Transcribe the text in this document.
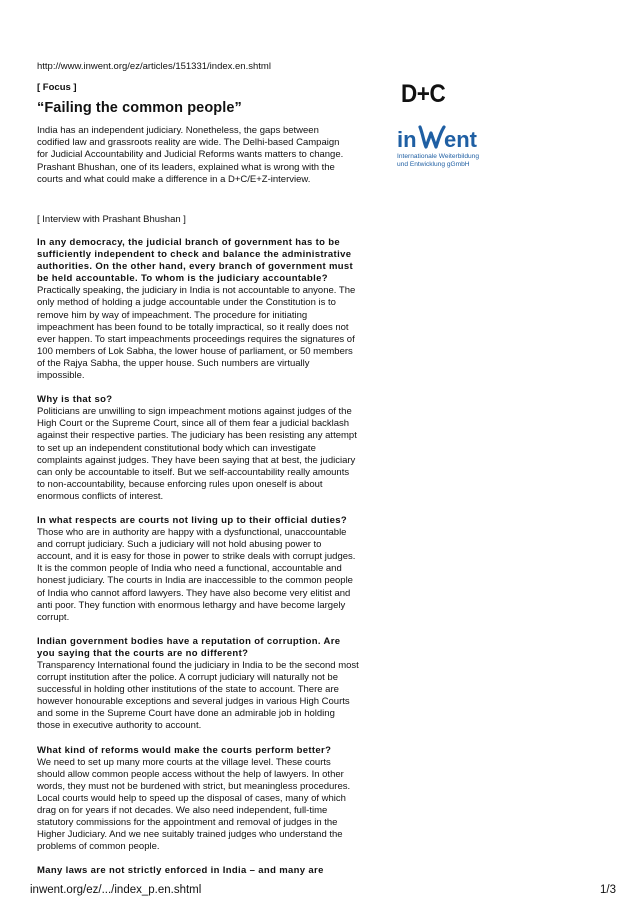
http://www.inwent.org/ez/articles/151331/index.en.shtml
[ Focus ]
“Failing the common people”
India has an independent judiciary. Nonetheless, the gaps between codified law and grassroots reality are wide. The Delhi-based Campaign for Judicial Accountability and Judicial Reforms wants matters to change. Prashant Bhushan, one of its leaders, explained what is wrong with the courts and what could make a difference in a D+C/E+Z-interview.
[ Interview with Prashant Bhushan ]
In any democracy, the judicial branch of government has to be sufficiently independent to check and balance the administrative authorities. On the other hand, every branch of government must be held accountable. To whom is the judiciary accountable?
Practically speaking, the judiciary in India is not accountable to anyone. The only method of holding a judge accountable under the Constitution is to remove him by way of impeachment. The procedure for initiating impeachment has been found to be totally impractical, so it really does not ever happen. To start impeachments proceedings requires the signatures of 100 members of Lok Sabha, the lower house of parliament, or 50 members of the Rajya Sabha, the upper house. Such numbers are virtually impossible.
Why is that so?
Politicians are unwilling to sign impeachment motions against judges of the High Court or the Supreme Court, since all of them fear a judicial backlash against their respective parties. The judiciary has been resisting any attempt to set up an independent constitutional body which can investigate complaints against judges. They have been saying that at best, the judiciary can only be accountable to itself. But we self-accountability really amounts to non-accountability, because enforcing rules upon oneself is about enormous conflicts of interest.
In what respects are courts not living up to their official duties?
Those who are in authority are happy with a dysfunctional, unaccountable and corrupt judiciary. Such a judiciary will not hold abusing power to account, and it is easy for those in power to strike deals with corrupt judges. It is the common people of India who need a functional, accountable and honest judiciary. The courts in India are inaccessible to the common people of India who cannot afford lawyers. They have also become very elitist and anti poor. They function with enormous lethargy and have become largely corrupt.
Indian government bodies have a reputation of corruption. Are you saying that the courts are no different?
Transparency International found the judiciary in India to be the second most corrupt institution after the police. A corrupt judiciary will naturally not be successful in holding other institutions of the state to account. There are however honourable exceptions and several judges in various High Courts and some in the Supreme Court have done an admirable job in holding those in executive authority to account.
What kind of reforms would make the courts perform better?
We need to set up many more courts at the village level. These courts should allow common people access without the help of lawyers. In other words, they must not be burdened with strict, but meaningless procedures. Local courts would help to speed up the disposal of cases, many of which drag on for years if not decades. We also need independent, full-time statutory commissions for the appointment and removal of judges in the Higher Judiciary. And we nee suitably trained judges who understand the problems of common people.
Many laws are not strictly enforced in India – and many are
D+C
in ent
Internationale Weiterbildung
und Entwicklung gGmbH
inwent.org/ez/.../index_p.en.shtml	1/3
